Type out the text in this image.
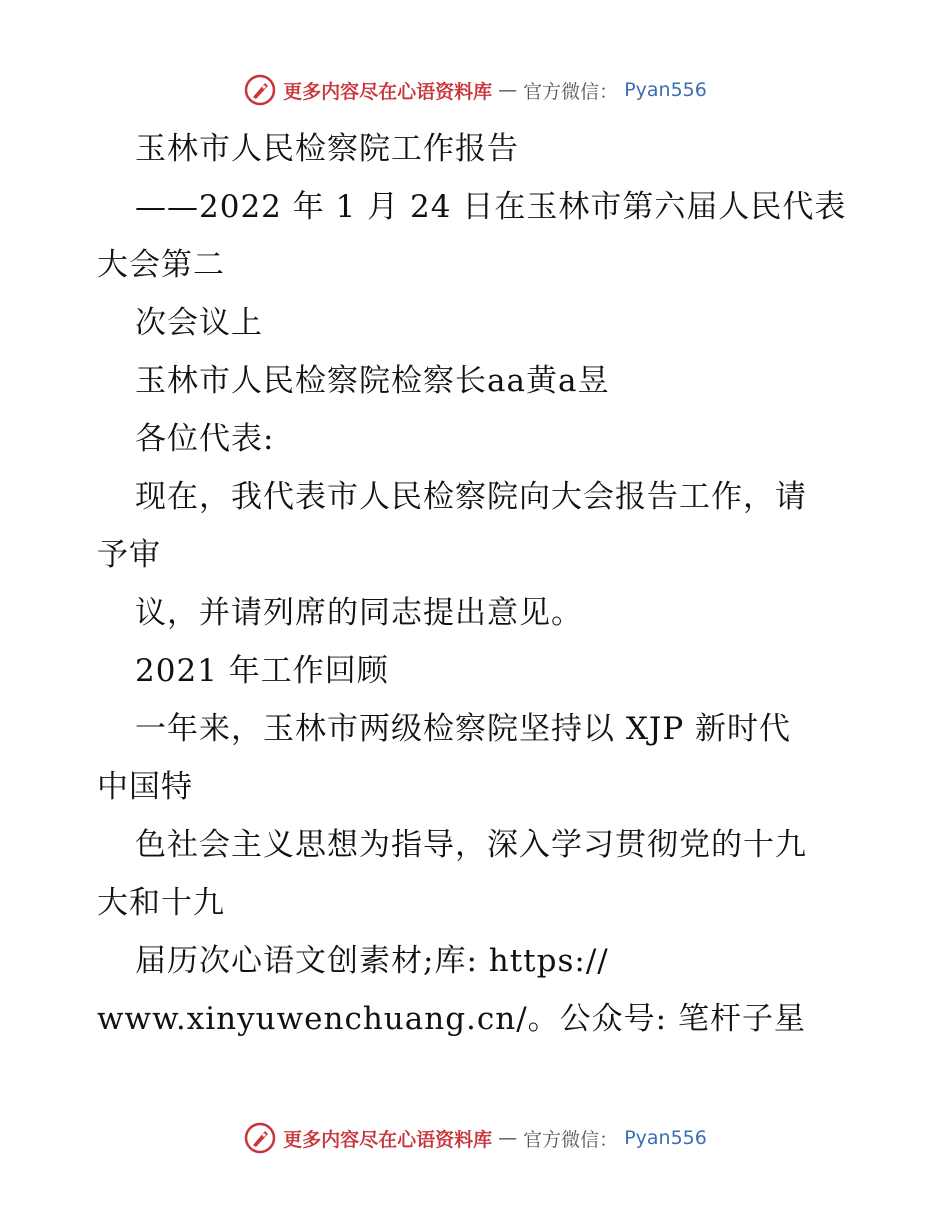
更多内容尽在心语资料库 — 官方微信： Pyan556
玉林市人民检察院工作报告
——2022 年 1 月 24 日在玉林市第六届人民代表
大会第二
次会议上
玉林市人民检察院检察长aa黄a昱
各位代表:
现在，我代表市人民检察院向大会报告工作，请
予审
议，并请列席的同志提出意见。
2021 年工作回顾
一年来，玉林市两级检察院坚持以 XJP 新时代
中国特
色社会主义思想为指导，深入学习贯彻党的十九
大和十九
届历次心语文创素材;库: https://
www.xinyuwenchuang.cn/。公众号: 笔杆子星
更多内容尽在心语资料库 — 官方微信： Pyan556
